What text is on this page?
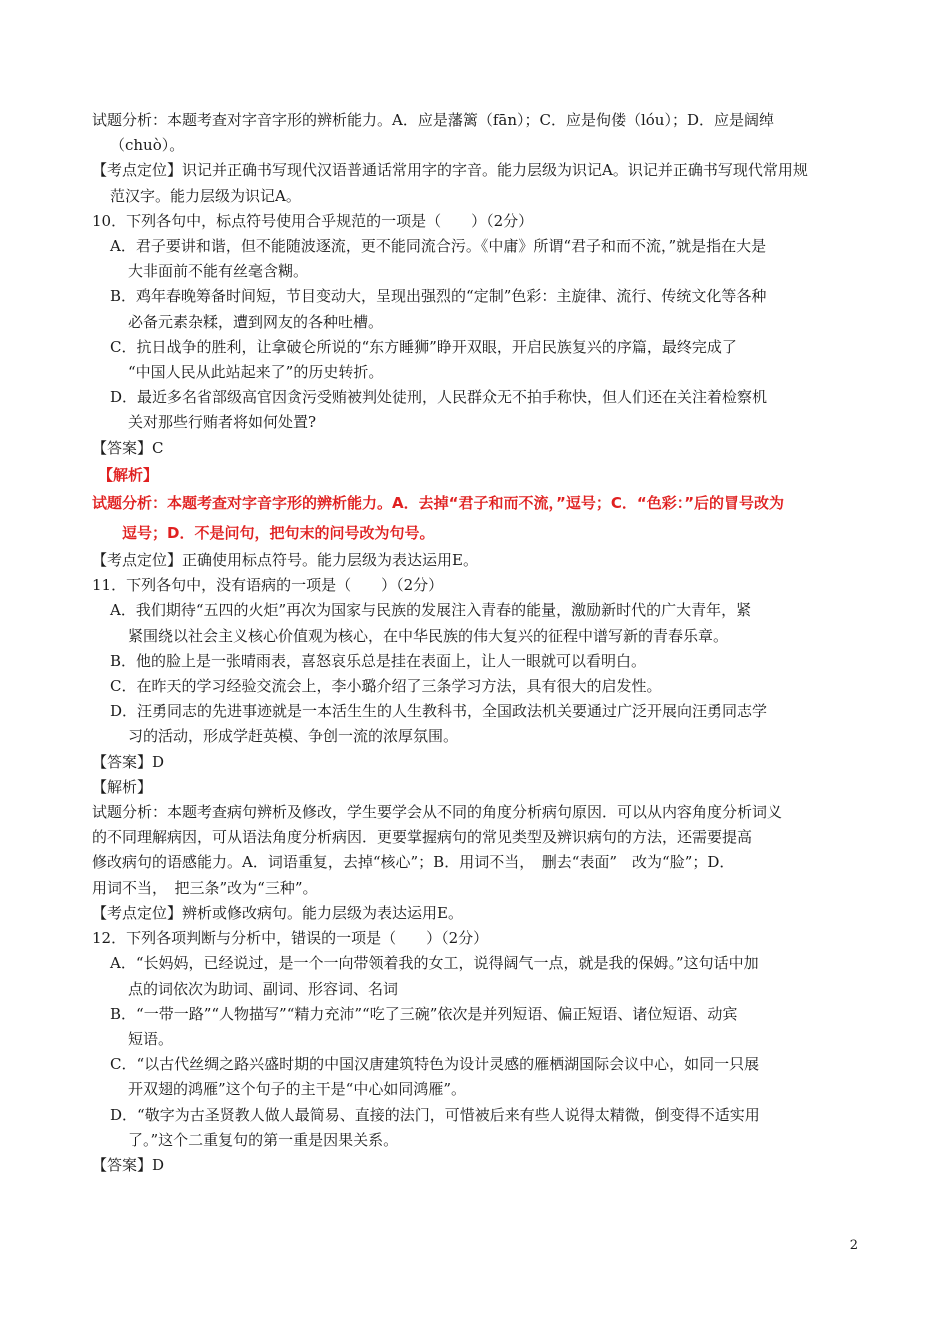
试题分析：本题考查对字音字形的辨析能力。A．应是藩篱（fān）；C．应是佝偻（lóu）；D．应是阔绰
（chuò）。
【考点定位】识记并正确书写现代汉语普通话常用字的字音。能力层级为识记A。识记并正确书写现代常用规
范汉字。能力层级为识记A。
10．下列各句中，标点符号使用合乎规范的一项是（　　）（2分）
A．君子要讲和谐，但不能随波逐流，更不能同流合污。《中庸》所谓“君子和而不流，”就是指在大是
大非面前不能有丝毫含糊。
B．鸡年春晚筹备时间短，节目变动大，呈现出强烈的“定制”色彩：主旋律、流行、传统文化等各种
必备元素杂糅，遭到网友的各种吐槽。
C．抗日战争的胜利，让拿破仑所说的“东方睡狮”睁开双眼，开启民族复兴的序篇，最终完成了
“中国人民从此站起来了”的历史转折。
D．最近多名省部级高官因贪污受贿被判处徒刑，人民群众无不拍手称快，但人们还在关注着检察机
关对那些行贿者将如何处置?
【答案】C
【解析】
试题分析：本题考查对字音字形的辨析能力。A．去掉“君子和而不流，”逗号；C．“色彩：”后的冒号改为
逗号；D．不是问句，把句末的问号改为句号。
【考点定位】正确使用标点符号。能力层级为表达运用E。
11．下列各句中，没有语病的一项是（　　）（2分）
A．我们期待“五四的火炬”再次为国家与民族的发展注入青春的能量，激励新时代的广大青年，紧
紧围绕以社会主义核心价值观为核心，在中华民族的伟大复兴的征程中谱写新的青春乐章。
B．他的脸上是一张晴雨表，喜怒哀乐总是挂在表面上，让人一眼就可以看明白。
C．在昨天的学习经验交流会上，李小璐介绍了三条学习方法，具有很大的启发性。
D．汪勇同志的先进事迹就是一本活生生的人生教科书，全国政法机关要通过广泛开展向汪勇同志学
习的活动，形成学赶英模、争创一流的浓厚氛围。
【答案】D
【解析】
试题分析：本题考查病句辨析及修改，学生要学会从不同的角度分析病句原因．可以从内容角度分析词义
的不同理解病因，可从语法角度分析病因．更要掌握病句的常见类型及辨识病句的方法，还需要提高
修改病句的语感能力。A．词语重复，去掉“核心”；B．用词不当，　删去“表面”　改为“脸”；D．
用词不当，　把三条”改为“三种”。
【考点定位】辨析或修改病句。能力层级为表达运用E。
12．下列各项判断与分析中，错误的一项是（　　）（2分）
A．“长妈妈，已经说过，是一个一向带领着我的女工，说得阔气一点，就是我的保姆。”这句话中加
点的词依次为助词、副词、形容词、名词
B．“一带一路”“人物描写”“精力充沛”“吃了三碗”依次是并列短语、偏正短语、诸位短语、动宾
短语。
C．“以古代丝绸之路兴盛时期的中国汉唐建筑特色为设计灵感的雁栖湖国际会议中心，如同一只展
开双翅的鸿雁”这个句子的主干是“中心如同鸿雁”。
D．“敬字为古圣贤教人做人最简易、直接的法门，可惜被后来有些人说得太精微，倒变得不适实用
了。”这个二重复句的第一重是因果关系。
【答案】D
2
